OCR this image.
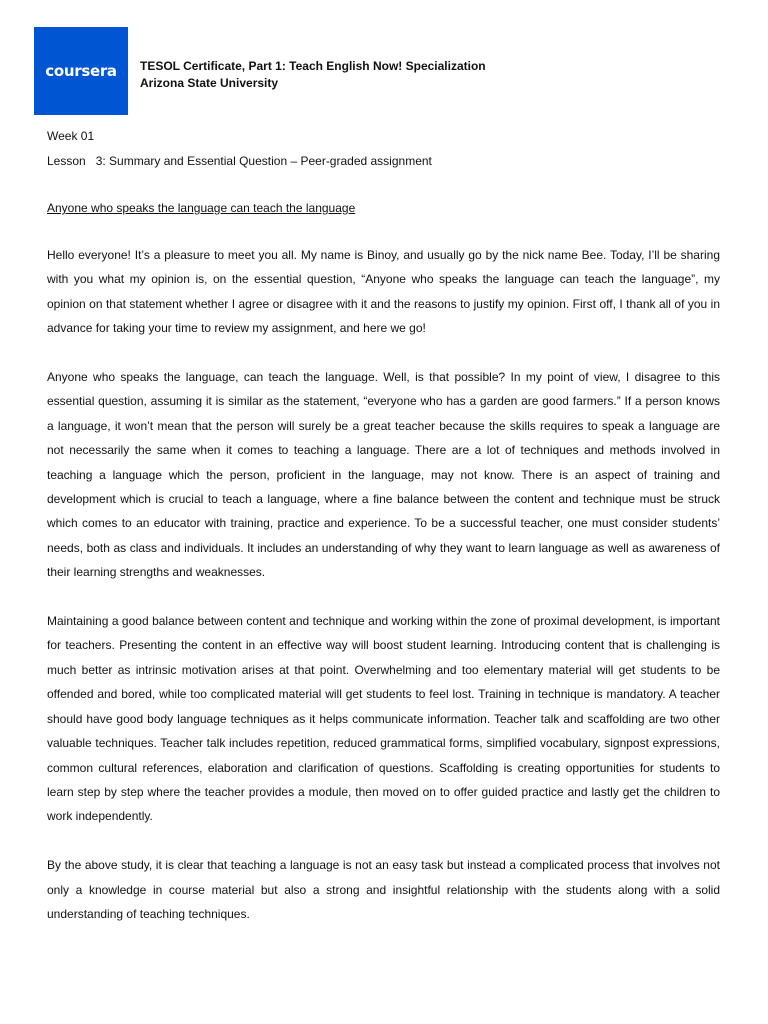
coursera TESOL Certificate, Part 1: Teach English Now! Specialization
Arizona State University
Week 01
Lesson   3: Summary and Essential Question – Peer-graded assignment
Anyone who speaks the language can teach the language

Hello everyone! It’s a pleasure to meet you all. My name is Binoy, and usually go by the nick name Bee. Today, I’ll be sharing with you what my opinion is, on the essential question, “Anyone who speaks the language can teach the language”, my opinion on that statement whether I agree or disagree with it and the reasons to justify my opinion. First off, I thank all of you in advance for taking your time to review my assignment, and here we go!

Anyone who speaks the language, can teach the language. Well, is that possible? In my point of view, I disagree to this essential question, assuming it is similar as the statement, “everyone who has a garden are good farmers.” If a person knows a language, it won’t mean that the person will surely be a great teacher because the skills requires to speak a language are not necessarily the same when it comes to teaching a language. There are a lot of techniques and methods involved in teaching a language which the person, proficient in the language, may not know. There is an aspect of training and development which is crucial to teach a language, where a fine balance between the content and technique must be struck which comes to an educator with training, practice and experience. To be a successful teacher, one must consider students’ needs, both as class and individuals. It includes an understanding of why they want to learn language as well as awareness of their learning strengths and weaknesses.

Maintaining a good balance between content and technique and working within the zone of proximal development, is important for teachers. Presenting the content in an effective way will boost student learning. Introducing content that is challenging is much better as intrinsic motivation arises at that point. Overwhelming and too elementary material will get students to be offended and bored, while too complicated material will get students to feel lost. Training in technique is mandatory. A teacher should have good body language techniques as it helps communicate information. Teacher talk and scaffolding are two other valuable techniques. Teacher talk includes repetition, reduced grammatical forms, simplified vocabulary, signpost expressions, common cultural references, elaboration and clarification of questions. Scaffolding is creating opportunities for students to learn step by step where the teacher provides a module, then moved on to offer guided practice and lastly get the children to work independently.

By the above study, it is clear that teaching a language is not an easy task but instead a complicated process that involves not only a knowledge in course material but also a strong and insightful relationship with the students along with a solid understanding of teaching techniques.
